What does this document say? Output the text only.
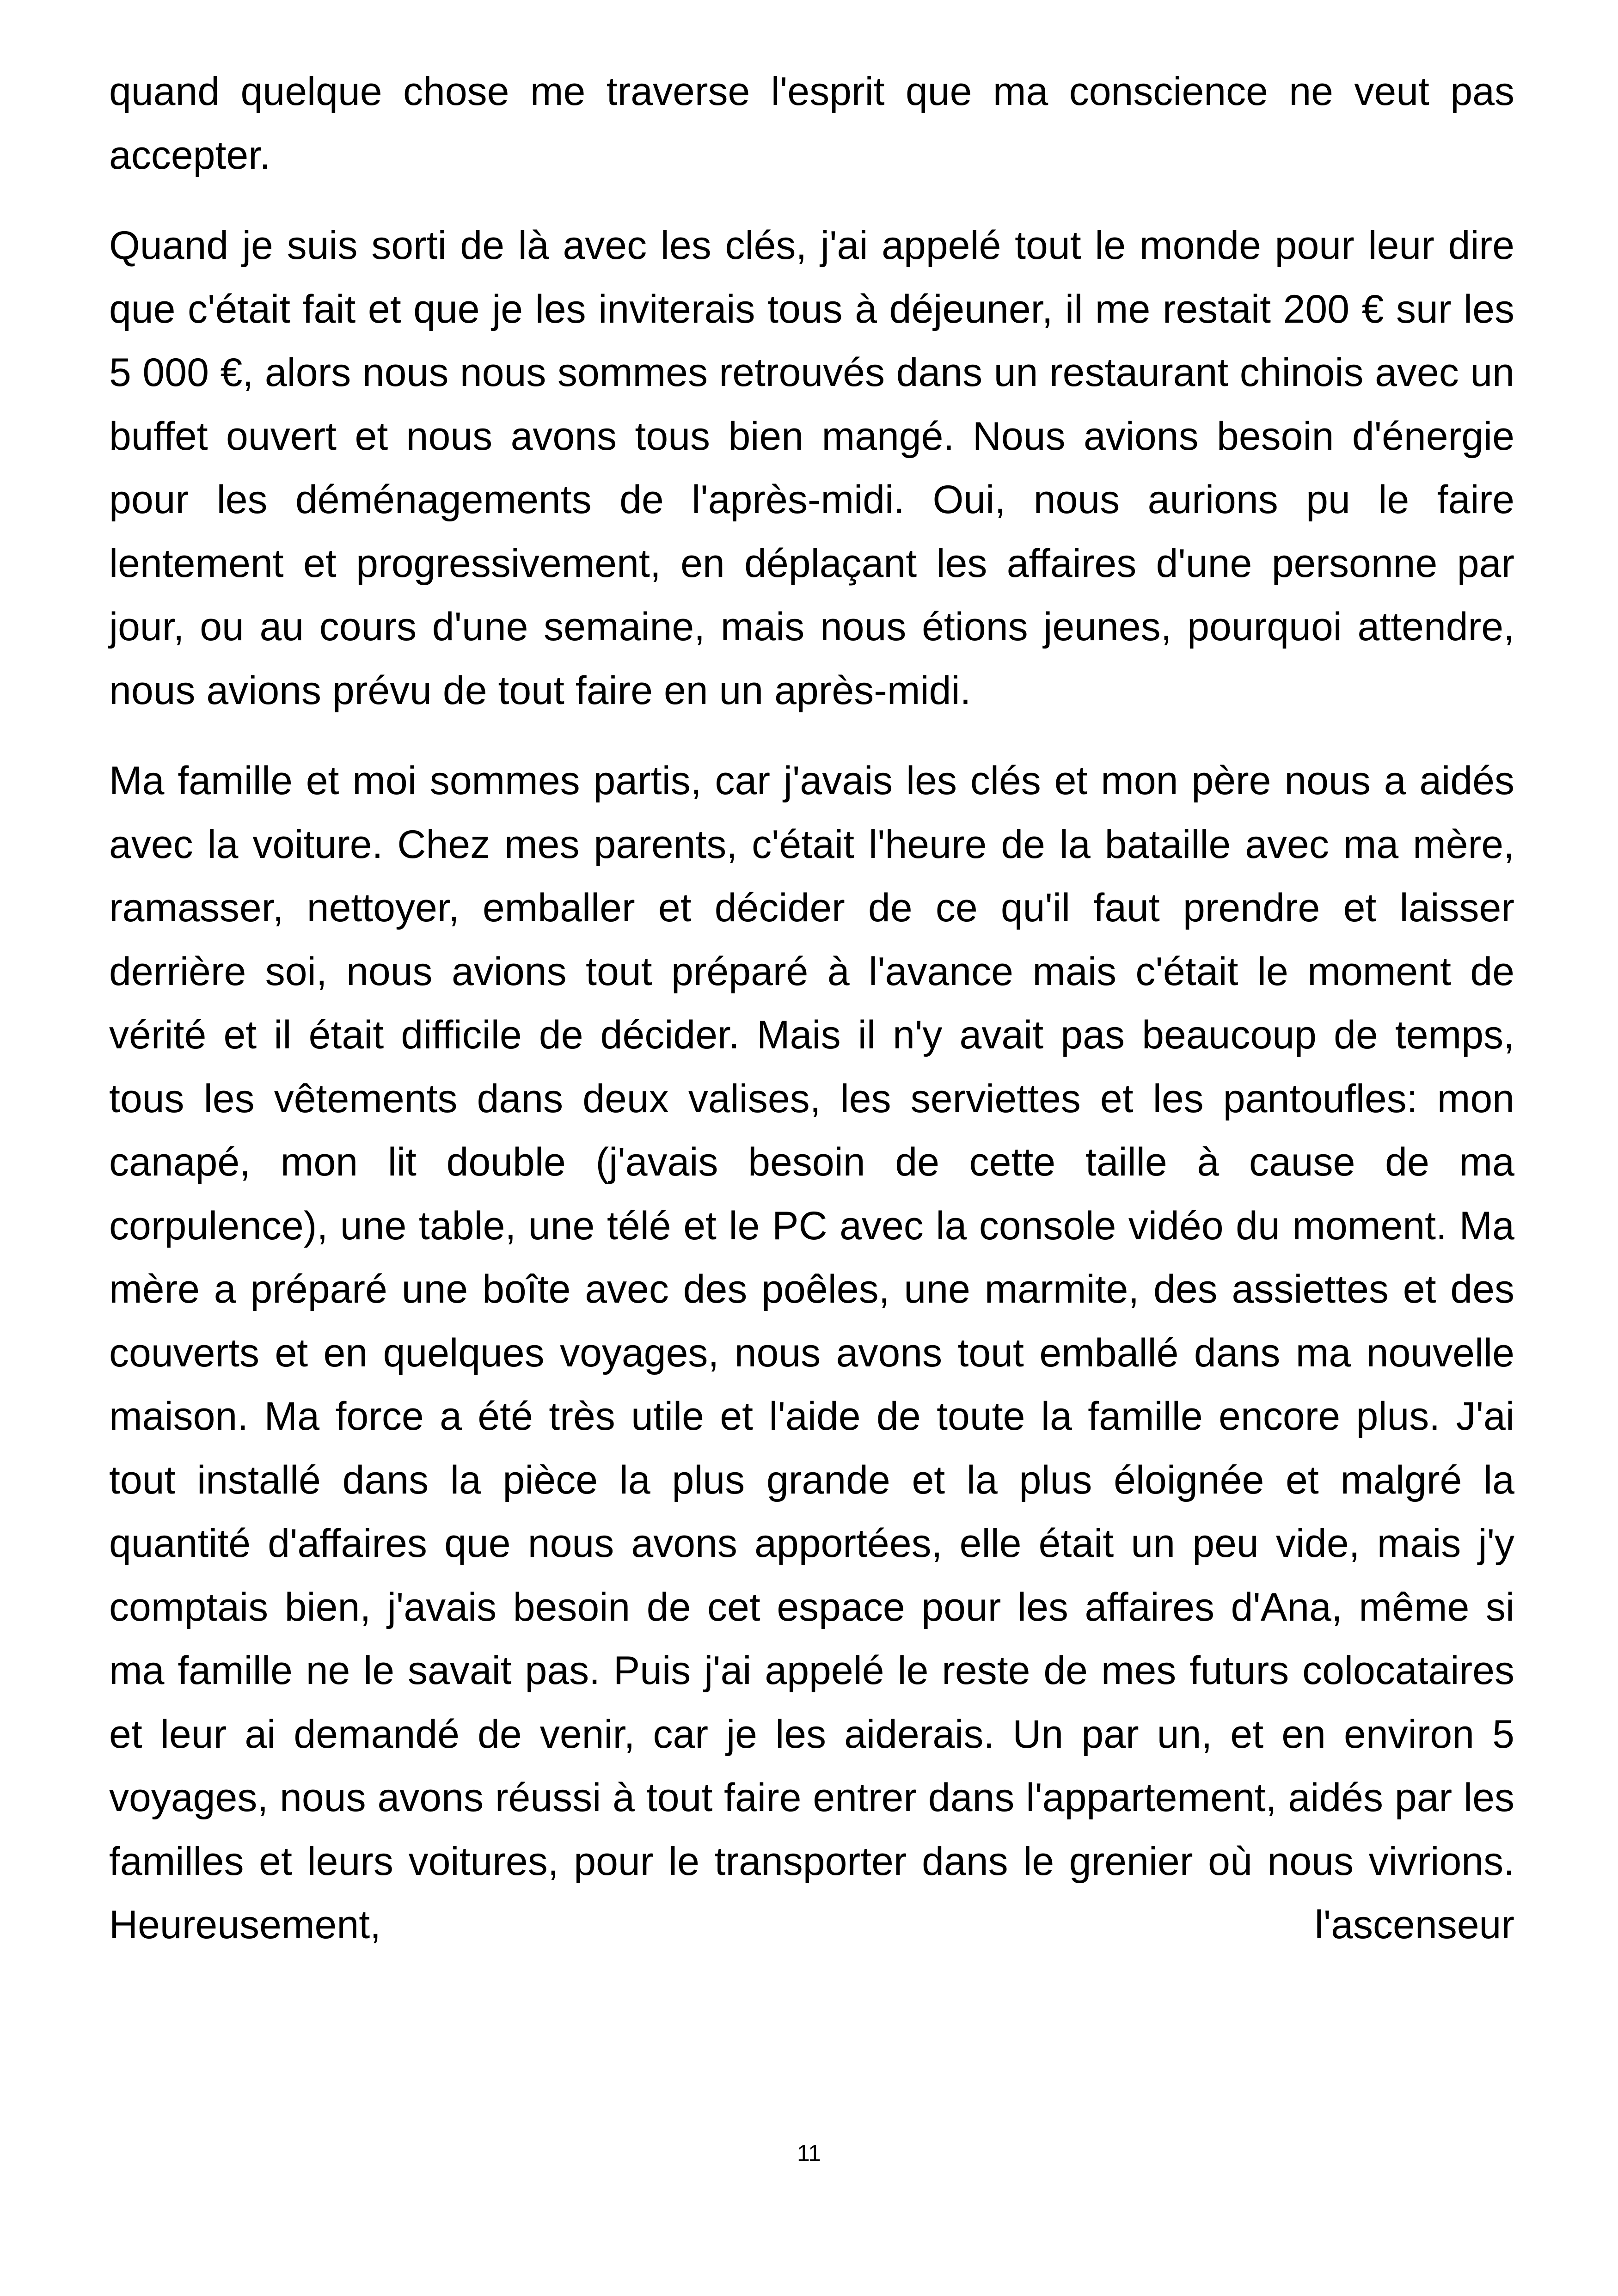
quand quelque chose me traverse l'esprit que ma conscience ne veut pas accepter.

Quand je suis sorti de là avec les clés, j'ai appelé tout le monde pour leur dire que c'était fait et que je les inviterais tous à déjeuner, il me restait 200 € sur les 5 000 €, alors nous nous sommes retrouvés dans un restaurant chinois avec un buffet ouvert et nous avons tous bien mangé. Nous avions besoin d'énergie pour les déménagements de l'après-midi. Oui, nous aurions pu le faire lentement et progressivement, en déplaçant les affaires d'une personne par jour, ou au cours d'une semaine, mais nous étions jeunes, pourquoi attendre, nous avions prévu de tout faire en un après-midi.

Ma famille et moi sommes partis, car j'avais les clés et mon père nous a aidés avec la voiture. Chez mes parents, c'était l'heure de la bataille avec ma mère, ramasser, nettoyer, emballer et décider de ce qu'il faut prendre et laisser derrière soi, nous avions tout préparé à l'avance mais c'était le moment de vérité et il était difficile de décider. Mais il n'y avait pas beaucoup de temps, tous les vêtements dans deux valises, les serviettes et les pantoufles: mon canapé, mon lit double (j'avais besoin de cette taille à cause de ma corpulence), une table, une télé et le PC avec la console vidéo du moment. Ma mère a préparé une boîte avec des poêles, une marmite, des assiettes et des couverts et en quelques voyages, nous avons tout emballé dans ma nouvelle maison. Ma force a été très utile et l'aide de toute la famille encore plus. J'ai tout installé dans la pièce la plus grande et la plus éloignée et malgré la quantité d'affaires que nous avons apportées, elle était un peu vide, mais j'y comptais bien, j'avais besoin de cet espace pour les affaires d'Ana, même si ma famille ne le savait pas. Puis j'ai appelé le reste de mes futurs colocataires et leur ai demandé de venir, car je les aiderais. Un par un, et en environ 5 voyages, nous avons réussi à tout faire entrer dans l'appartement, aidés par les familles et leurs voitures, pour le transporter dans le grenier où nous vivrions. Heureusement, l'ascenseur

11
